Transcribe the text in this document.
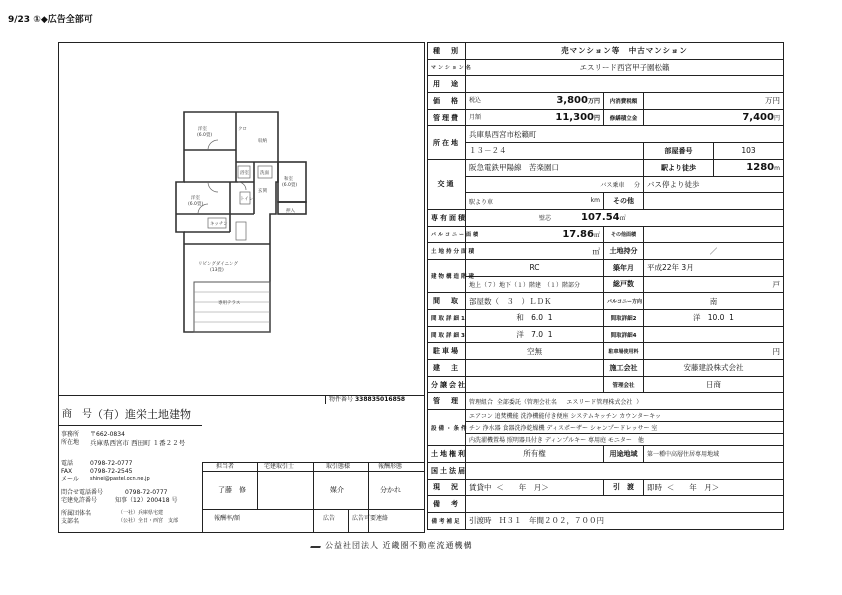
9/23 ①◆広告全部可
洋室
(6.0畳)
洋室
(6.0畳)
和室
(6.0畳)
リビングダイニング
(13畳)
専用テラス
浴室 洗面
トイレ
玄関
キッチン
押入
クロ
収納
物件番号 338835016858
商　号 （有）進栄土地建物
事務所 〒662-0834
所在地 兵庫県西宮市 西田町 １番２２号
電話	0798-72-0777
FAX	0798-72-2545
メール shinei@pastel.ocn.ne.jp
問合せ電話番号	0798-72-0777
宅建免許番号	知事（12）200418 号
所属団体名	（一社）兵庫県宅建
支部名	（公社）全日・西宮　支部
担当者	宅建取引士	取引態様	報酬形態
了藤　修	媒介	分かれ
報酬率/額	広告	広告可要連絡
種　別	売マンション等　中古マンション			
マンション名	エスリード西宮甲子園松籟			
用　途				
価　格	税込 3,800万円	内消費税額	万円	
管理費	月額 11,300円	修繕積立金	7,400円	
所在地	兵庫県西宮市松籟町			
	１３－２４		部屋番号	103
交通	阪急電鉄甲陽線　苦楽園口		駅より徒歩	1280m
	バス乗車 分		バス停より徒歩	
	駅より車 km	その他		
専有面積	壁芯 107.54㎡			
バルコニー面積	17.86㎡	その他面積		
土地持分面積	㎡	土地持分	／	
建物構造階建	RC	築年月	平成22年 3月	
	地上（７）地下（１）階建　（１）階部分	総戸数	戸	
間　取	部屋数（　３　）ＬＤＫ	バルコニー方向	南	
間取詳細1	和 6.0 1	間取詳細2	洋 10.0 1	
間取詳細3	洋 7.0 1	間取詳細4		
駐車場	空無	駐車場使用料	円	
建　主		施工会社	安藤建設株式会社	
分譲会社		管理会社	日商	
管　理	管理組合 全部委託（管理会社名 エスリード管理株式会社  ）			
設備・条件	エアコン 追焚機能 洗浄機能付き便座 システムキッチン カウンターキッ			
	チン 浄水器 食器洗浄乾燥機 ディスポーザー シャンプードレッサー 室			
	内洗濯機置場 照明器具付き ディンプルキー 専用庭 モニター　他			
土地権利	所有権	用途地域	第一種中高層住居専用地域	
国土法届				
現　況	賃貸中 ＜　　年　月＞	引　渡	即時 ＜　　年　月＞	
備　考				
備考補足	引渡時　Ｈ３１　年間２０２，７００円			
公益社団法人 近畿圏不動産流通機構
